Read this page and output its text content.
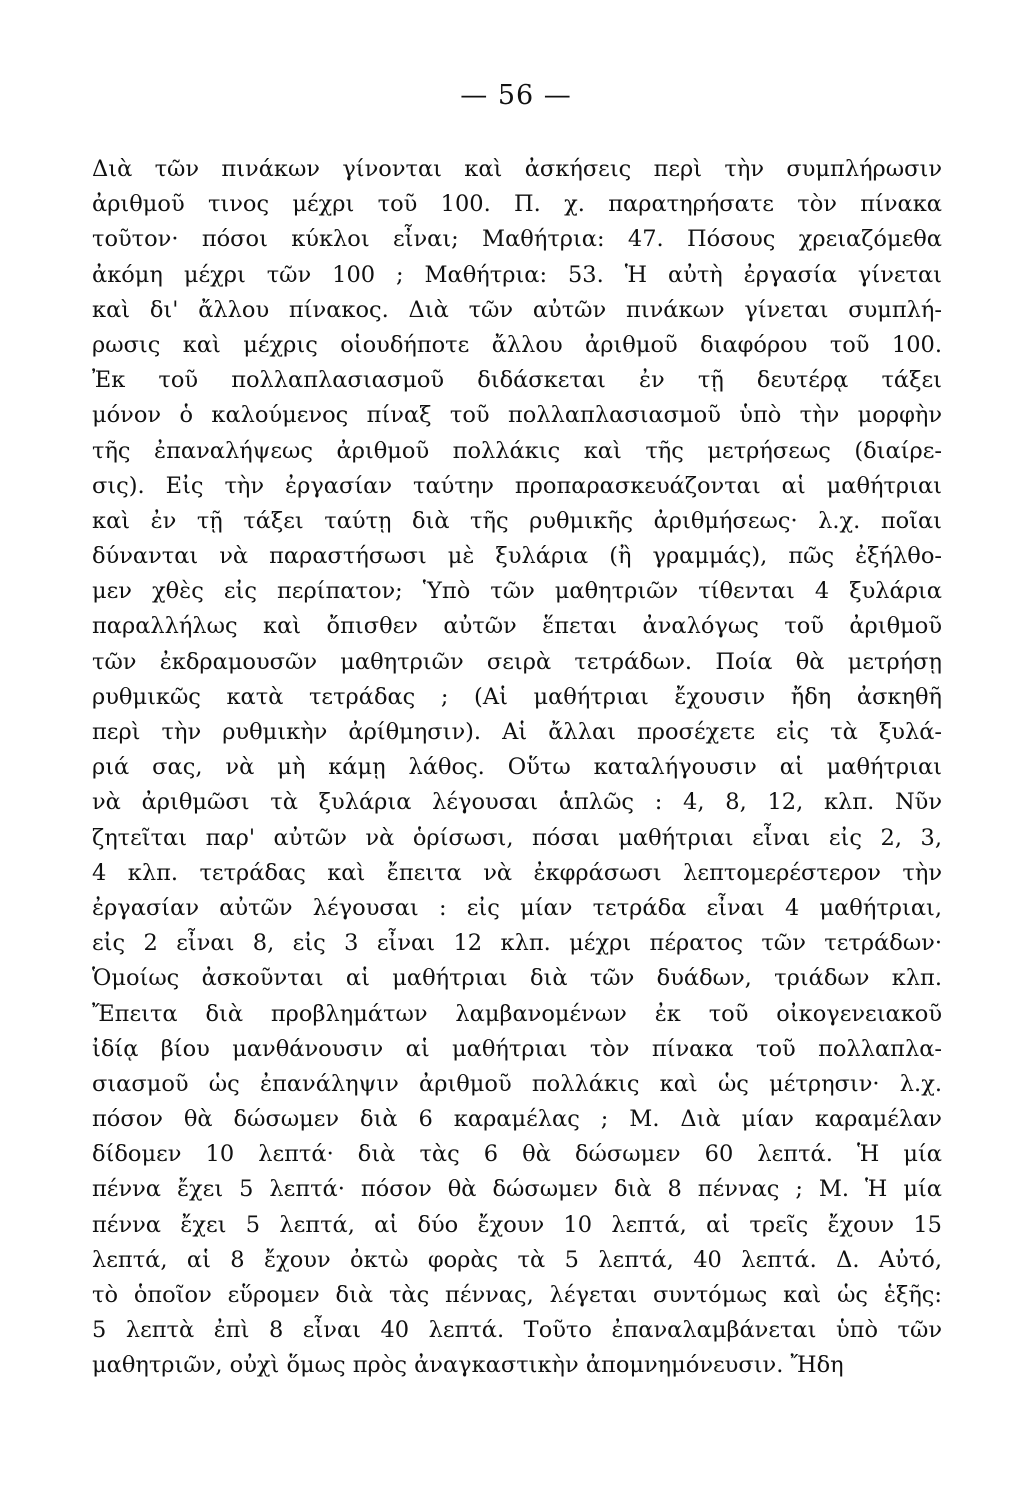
— 56 —
Διὰ τῶν πινάκων γίνονται καὶ ἀσκήσεις περὶ τὴν συμπλήρωσιν
ἀριθμοῦ τινος μέχρι τοῦ 100. Π. χ. παρατηρήσατε τὸν πίνακα
τοῦτον· πόσοι κύκλοι εἶναι; Μαθήτρια: 47. Πόσους χρειαζόμεθα
ἀκόμη μέχρι τῶν 100 ; Μαθήτρια: 53. Ἡ αὐτὴ ἐργασία γίνεται
καὶ δι' ἄλλου πίνακος. Διὰ τῶν αὐτῶν πινάκων γίνεται συμπλή-
ρωσις καὶ μέχρις οἱουδήποτε ἄλλου ἀριθμοῦ διαφόρου τοῦ 100.
Ἐκ τοῦ πολλαπλασιασμοῦ διδάσκεται ἐν τῇ δευτέρᾳ τάξει
μόνον ὁ καλούμενος πίναξ τοῦ πολλαπλασιασμοῦ ὑπὸ τὴν μορφὴν
τῆς ἐπαναλήψεως ἀριθμοῦ πολλάκις καὶ τῆς μετρήσεως (διαίρε-
σις). Εἰς τὴν ἐργασίαν ταύτην προπαρασκευάζονται αἱ μαθήτριαι
καὶ ἐν τῇ τάξει ταύτῃ διὰ τῆς ρυθμικῆς ἀριθμήσεως· λ.χ. ποῖαι
δύνανται νὰ παραστήσωσι μὲ ξυλάρια (ἢ γραμμάς), πῶς ἐξήλθο-
μεν χθὲς εἰς περίπατον; Ὑπὸ τῶν μαθητριῶν τίθενται 4 ξυλάρια
παραλλήλως καὶ ὄπισθεν αὐτῶν ἕπεται ἀναλόγως τοῦ ἀριθμοῦ
τῶν ἐκδραμουσῶν μαθητριῶν σειρὰ τετράδων. Ποία θὰ μετρήσῃ
ρυθμικῶς κατὰ τετράδας ; (Αἱ μαθήτριαι ἔχουσιν ἤδη ἀσκηθῆ
περὶ τὴν ρυθμικὴν ἀρίθμησιν). Αἱ ἄλλαι προσέχετε εἰς τὰ ξυλά-
ριά σας, νὰ μὴ κάμῃ λάθος. Οὕτω καταλήγουσιν αἱ μαθήτριαι
νὰ ἀριθμῶσι τὰ ξυλάρια λέγουσαι ἁπλῶς : 4, 8, 12, κλπ. Νῦν
ζητεῖται παρ' αὐτῶν νὰ ὁρίσωσι, πόσαι μαθήτριαι εἶναι εἰς 2, 3,
4 κλπ. τετράδας καὶ ἔπειτα νὰ ἐκφράσωσι λεπτομερέστερον τὴν
ἐργασίαν αὐτῶν λέγουσαι : εἰς μίαν τετράδα εἶναι 4 μαθήτριαι,
εἰς 2 εἶναι 8, εἰς 3 εἶναι 12 κλπ. μέχρι πέρατος τῶν τετράδων·
Ὁμοίως ἀσκοῦνται αἱ μαθήτριαι διὰ τῶν δυάδων, τριάδων κλπ.
Ἔπειτα διὰ προβλημάτων λαμβανομένων ἐκ τοῦ οἰκογενειακοῦ
ἰδίᾳ βίου μανθάνουσιν αἱ μαθήτριαι τὸν πίνακα τοῦ πολλαπλα-
σιασμοῦ ὡς ἐπανάληψιν ἀριθμοῦ πολλάκις καὶ ὡς μέτρησιν· λ.χ.
πόσον θὰ δώσωμεν διὰ 6 καραμέλας ; Μ. Διὰ μίαν καραμέλαν
δίδομεν 10 λεπτά· διὰ τὰς 6 θὰ δώσωμεν 60 λεπτά. Ἡ μία
πέννα ἔχει 5 λεπτά· πόσον θὰ δώσωμεν διὰ 8 πέννας ; Μ. Ἡ μία
πέννα ἔχει 5 λεπτά, αἱ δύο ἔχουν 10 λεπτά, αἱ τρεῖς ἔχουν 15
λεπτά, αἱ 8 ἔχουν ὀκτὼ φορὰς τὰ 5 λεπτά, 40 λεπτά. Δ. Αὐτό,
τὸ ὁποῖον εὕρομεν διὰ τὰς πέννας, λέγεται συντόμως καὶ ὡς ἑξῆς:
5 λεπτὰ ἐπὶ 8 εἶναι 40 λεπτά. Τοῦτο ἐπαναλαμβάνεται ὑπὸ τῶν
μαθητριῶν, οὐχὶ ὅμως πρὸς ἀναγκαστικὴν ἀπομνημόνευσιν. Ἤδη
